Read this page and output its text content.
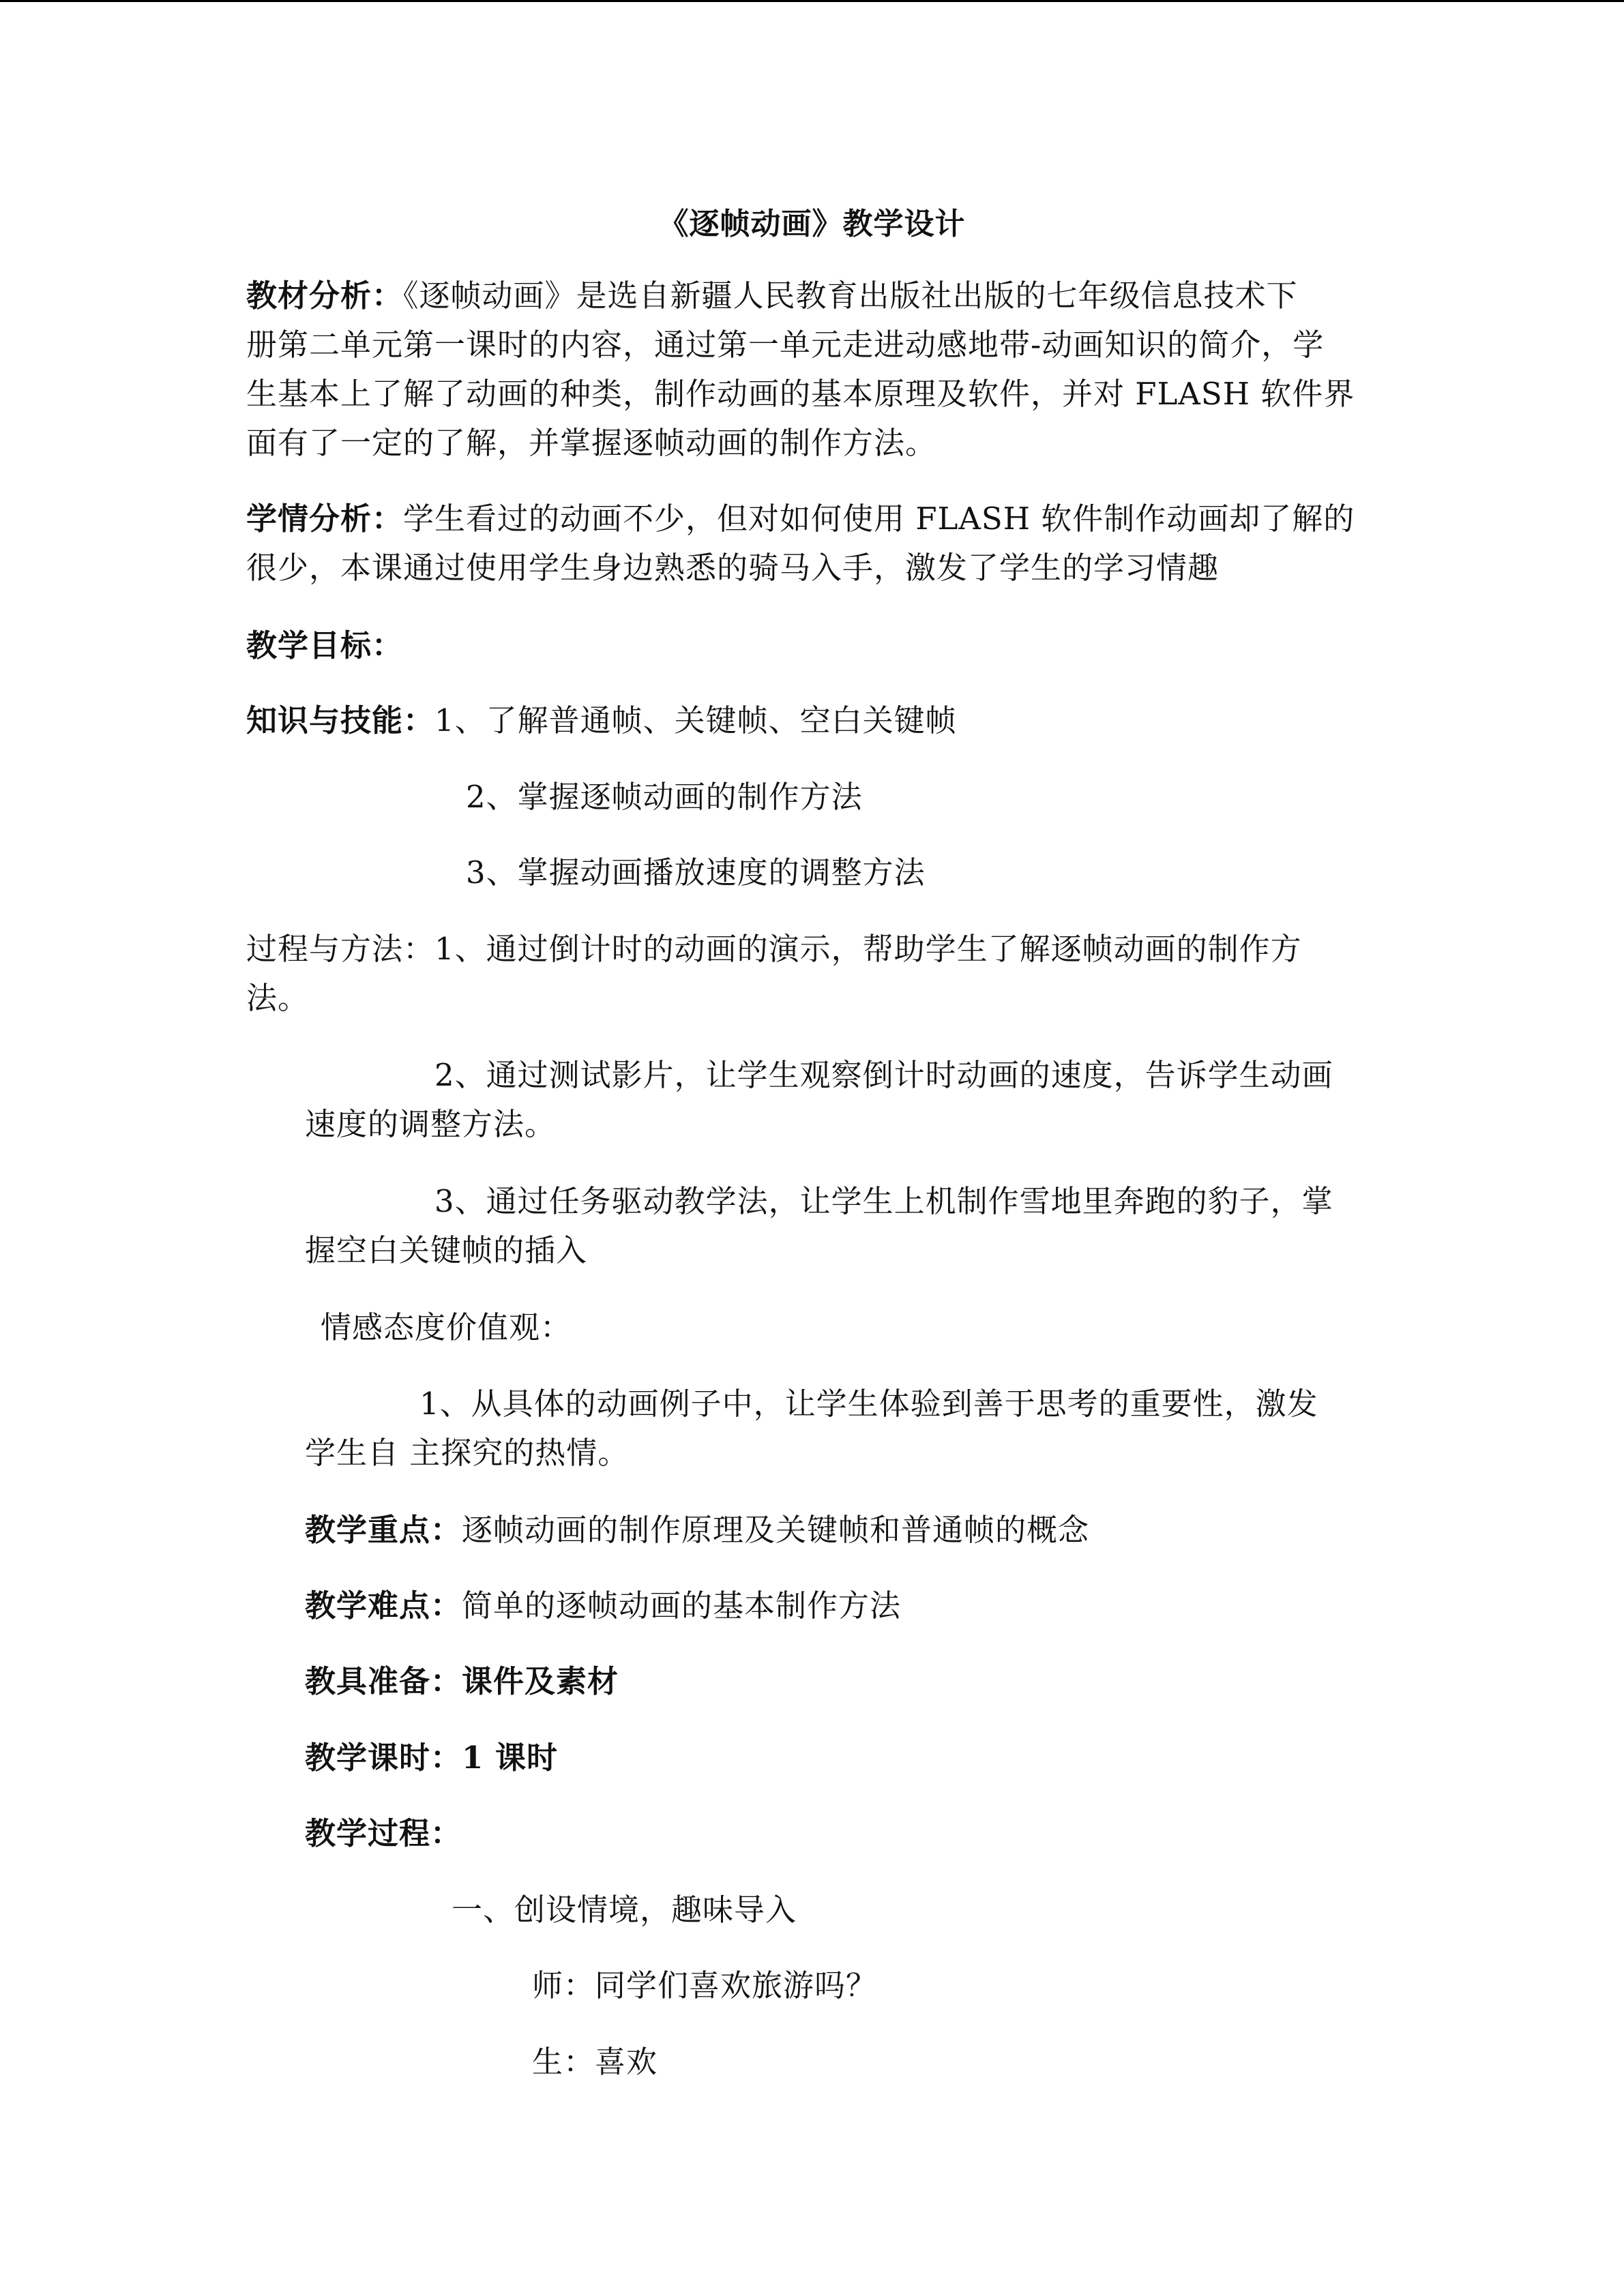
《逐帧动画》教学设计
教材分析：《逐帧动画》是选自新疆人民教育出版社出版的七年级信息技术下
册第二单元第一课时的内容，通过第一单元走进动感地带-动画知识的简介，学
生基本上了解了动画的种类，制作动画的基本原理及软件，并对 FLASH 软件界
面有了一定的了解，并掌握逐帧动画的制作方法。
学情分析：学生看过的动画不少，但对如何使用 FLASH 软件制作动画却了解的
很少，本课通过使用学生身边熟悉的骑马入手，激发了学生的学习情趣
教学目标：
知识与技能：1、了解普通帧、关键帧、空白关键帧
2、掌握逐帧动画的制作方法
3、掌握动画播放速度的调整方法
过程与方法：1、通过倒计时的动画的演示，帮助学生了解逐帧动画的制作方
法。
2、通过测试影片，让学生观察倒计时动画的速度，告诉学生动画
速度的调整方法。
3、通过任务驱动教学法，让学生上机制作雪地里奔跑的豹子，掌
握空白关键帧的插入
情感态度价值观：
1、从具体的动画例子中，让学生体验到善于思考的重要性，激发
学生自 主探究的热情。
教学重点：逐帧动画的制作原理及关键帧和普通帧的概念
教学难点：简单的逐帧动画的基本制作方法
教具准备：课件及素材
教学课时：1 课时
教学过程：
一、创设情境，趣味导入
师：同学们喜欢旅游吗？
生：喜欢
